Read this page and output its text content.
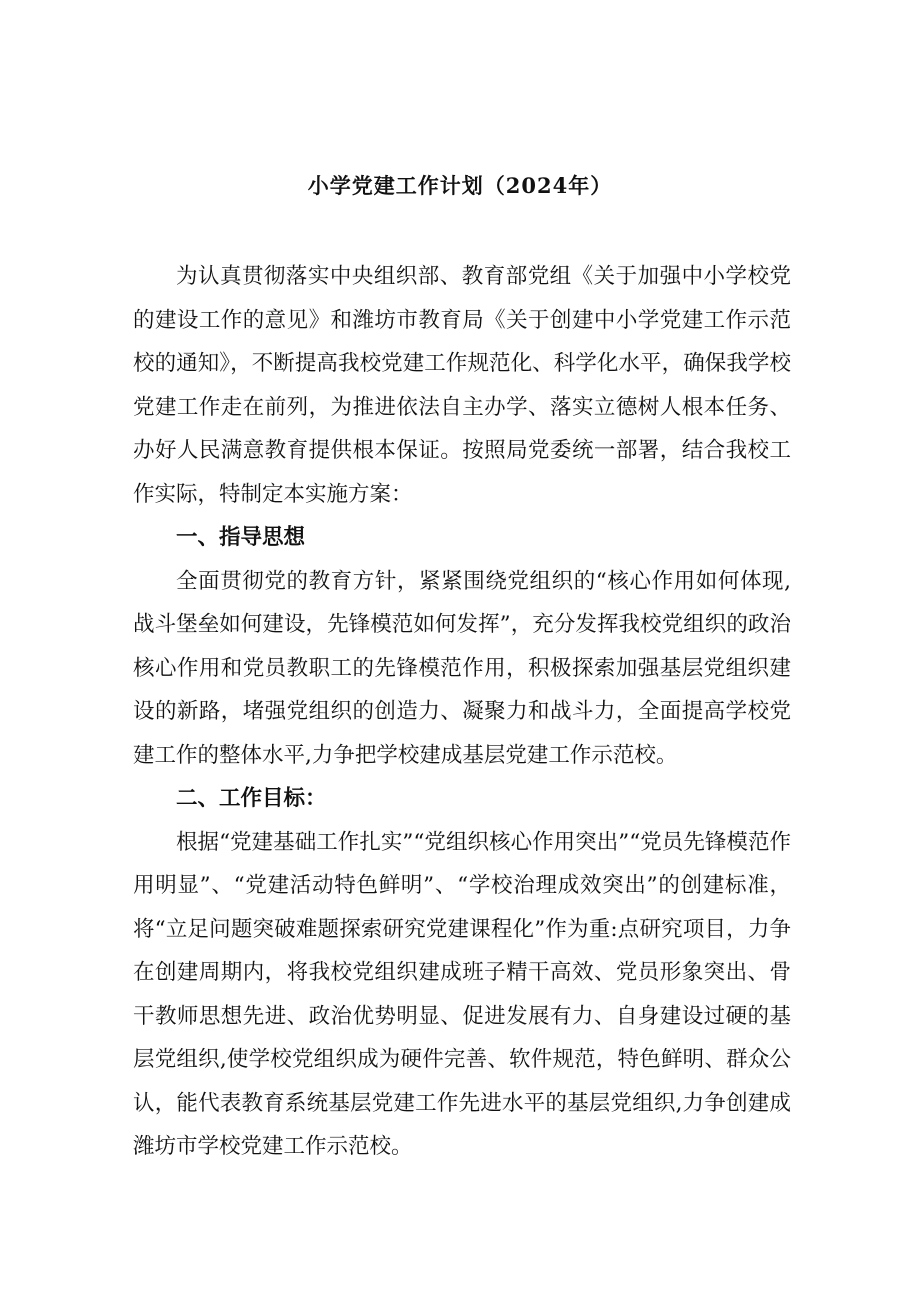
小学党建工作计划（2024年）

为认真贯彻落实中央组织部、教育部党组《关于加强中小学校党的建设工作的意见》和潍坊市教育局《关于创建中小学党建工作示范校的通知》，不断提高我校党建工作规范化、科学化水平，确保我学校党建工作走在前列，为推进依法自主办学、落实立德树人根本任务、办好人民满意教育提供根本保证。按照局党委统一部署，结合我校工作实际，特制定本实施方案：

一、指导思想

全面贯彻党的教育方针，紧紧围绕党组织的“核心作用如何体现,战斗堡垒如何建设，先锋模范如何发挥”，充分发挥我校党组织的政治核心作用和党员教职工的先锋模范作用，积极探索加强基层党组织建设的新路，堵强党组织的创造力、凝聚力和战斗力，全面提高学校党建工作的整体水平,力争把学校建成基层党建工作示范校。

二、工作目标：

根据“党建基础工作扎实”“党组织核心作用突出”“党员先锋模范作用明显”、“党建活动特色鲜明”、“学校治理成效突出”的创建标准，将“立足问题突破难题探索研究党建课程化”作为重:点研究项目，力争在创建周期内，将我校党组织建成班子精干高效、党员形象突出、骨干教师思想先进、政治优势明显、促进发展有力、自身建设过硬的基层党组织,使学校党组织成为硬件完善、软件规范，特色鲜明、群众公认，能代表教育系统基层党建工作先进水平的基层党组织,力争创建成潍坊市学校党建工作示范校。
